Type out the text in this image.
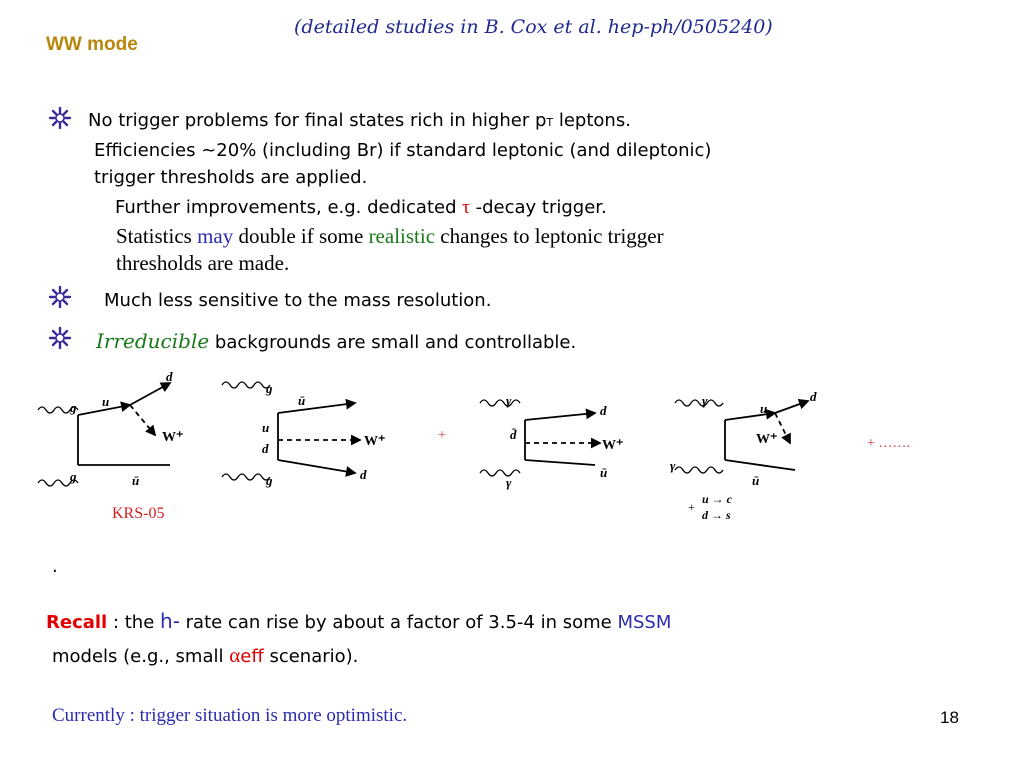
(detailed studies in B. Cox et al. hep-ph/0505240)
WW mode
No trigger problems for final states rich in higher pT leptons.
Efficiencies ~20% (including Br) if standard leptonic (and dileptonic)
trigger thresholds are applied.
Further improvements, e.g. dedicated τ -decay trigger.
Statistics may double if some realistic changes to leptonic trigger
thresholds are made.
Much less sensitive to the mass resolution.
Irreducible backgrounds are small and controllable.
g
g
u
d
W⁺
ū
g
g
ū
u
d
d
W⁺	+
γ
γ
d
d̄
W⁺
ū
γ
γ
u
d
W⁺
ū
u → c
d → s
+
+ …….
KRS-05
.
Recall : the h- rate can rise by about a factor of 3.5-4 in some MSSM
models (e.g., small αeff scenario).
Currently : trigger situation is more optimistic.	18
